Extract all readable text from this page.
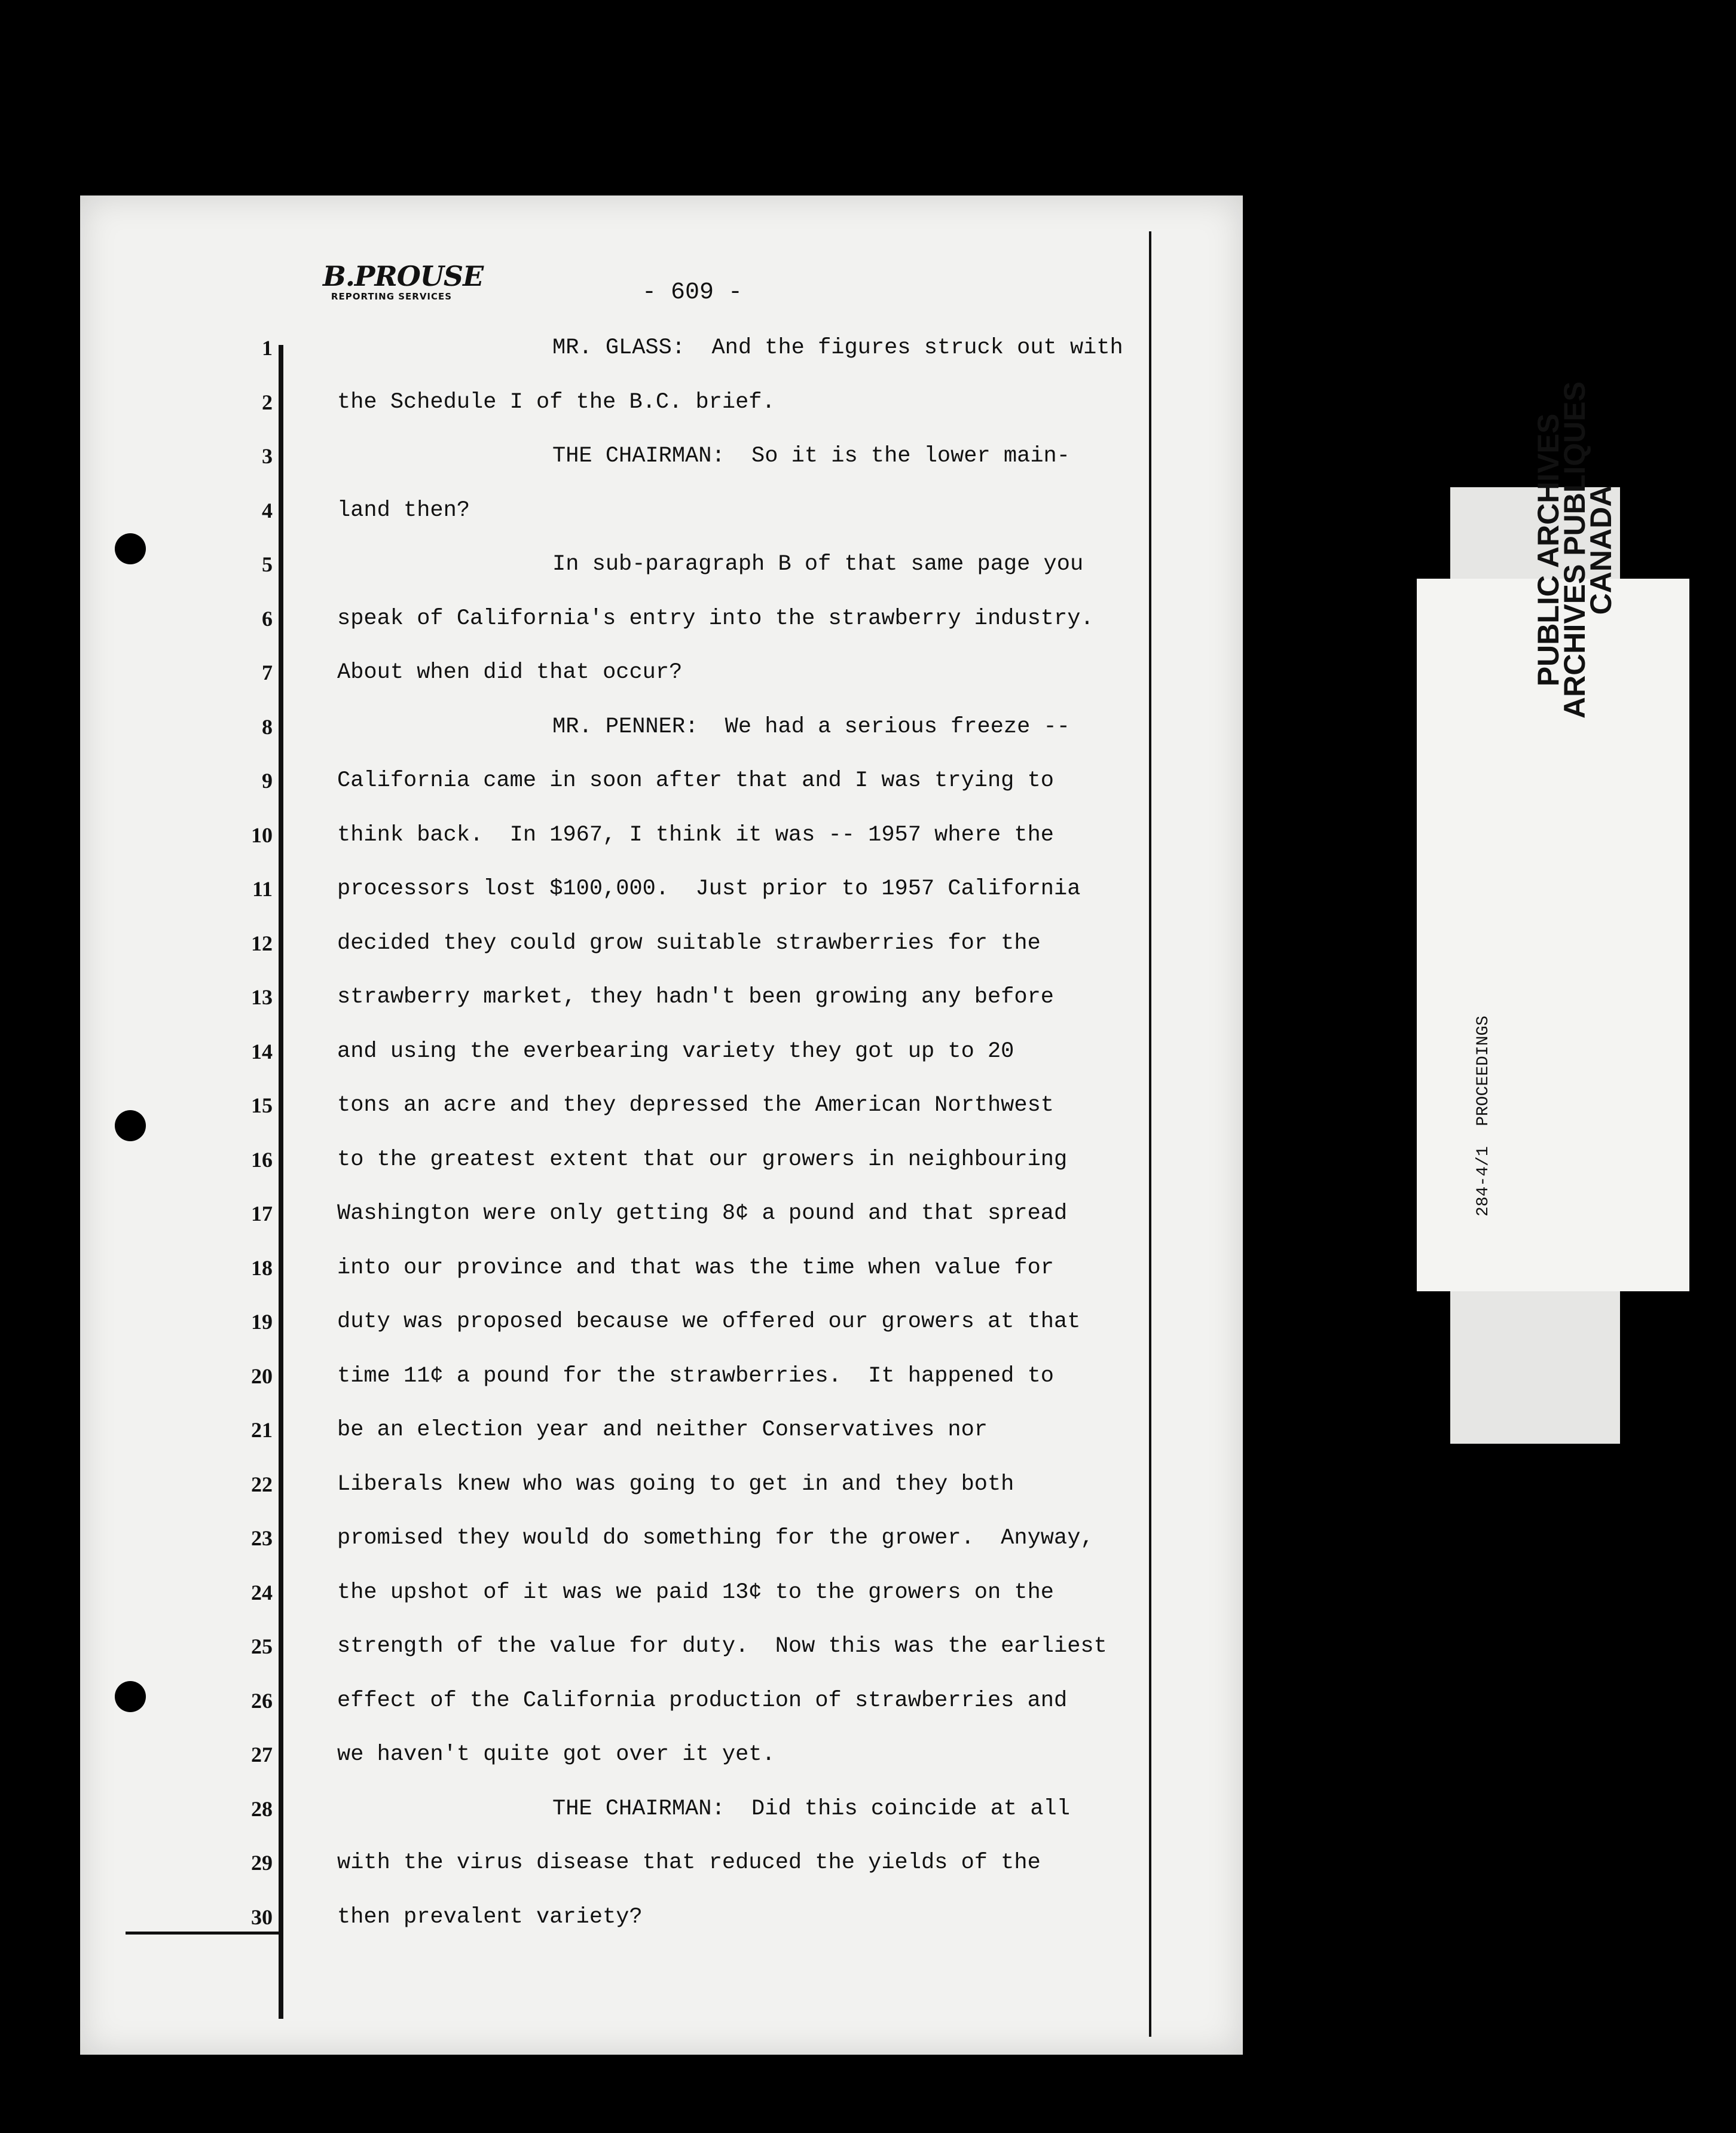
B.PROUSE
REPORTING SERVICES	- 609 -
1	MR. GLASS:  And the figures struck out with
2	the Schedule I of the B.C. brief.
3	THE CHAIRMAN:  So it is the lower main-
4	land then?
5	In sub-paragraph B of that same page you
6	speak of California's entry into the strawberry industry.
7	About when did that occur?
8	MR. PENNER:  We had a serious freeze --
9	California came in soon after that and I was trying to
10	think back.  In 1967, I think it was -- 1957 where the
11	processors lost $100,000.  Just prior to 1957 California
12	decided they could grow suitable strawberries for the
13	strawberry market, they hadn't been growing any before
14	and using the everbearing variety they got up to 20
15	tons an acre and they depressed the American Northwest
16	to the greatest extent that our growers in neighbouring
17	Washington were only getting 8¢ a pound and that spread
18	into our province and that was the time when value for
19	duty was proposed because we offered our growers at that
20	time 11¢ a pound for the strawberries.  It happened to
21	be an election year and neither Conservatives nor
22	Liberals knew who was going to get in and they both
23	promised they would do something for the grower.  Anyway,
24	the upshot of it was we paid 13¢ to the growers on the
25	strength of the value for duty.  Now this was the earliest
26	effect of the California production of strawberries and
27	we haven't quite got over it yet.
28	THE CHAIRMAN:  Did this coincide at all
29	with the virus disease that reduced the yields of the
30	then prevalent variety?
PUBLIC ARCHIVES
ARCHIVES PUBLIQUES
CANADA
284-4/1  PROCEEDINGS
